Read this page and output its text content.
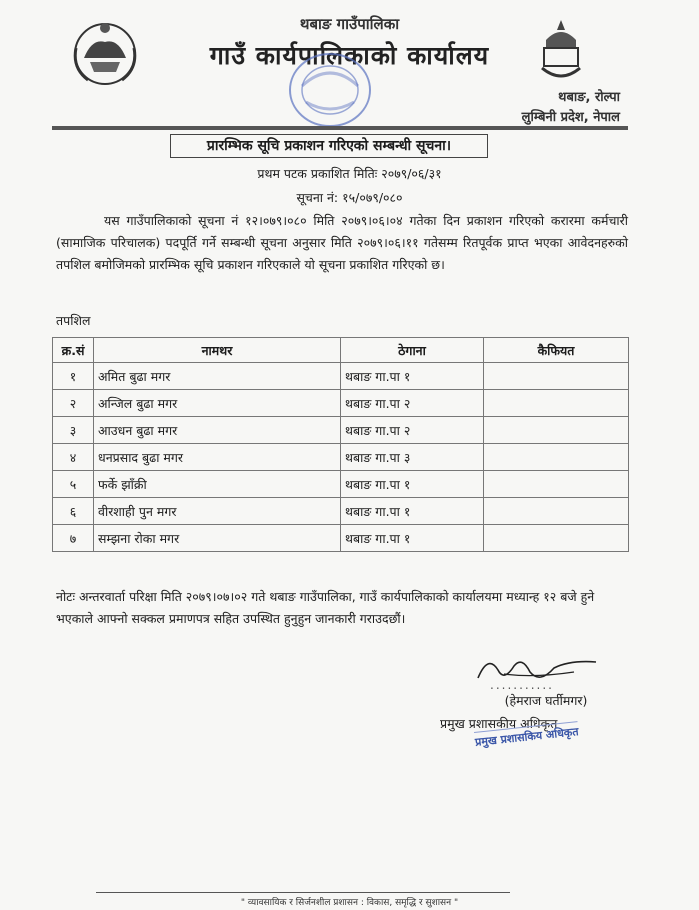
थबाङ गाउँपालिका
गाउँ कार्यपालिकाको कार्यालय
थबाङ, रोल्पा
लुम्बिनी प्रदेश, नेपाल
प्रारम्भिक सूचि प्रकाशन गरिएको सम्बन्धी सूचना।
प्रथम पटक प्रकाशित मितिः २०७९/०६/३१
सूचना नं: १५/०७९/०८०
यस गाउँपालिकाको सूचना नं १२।०७९।०८० मिति २०७९।०६।०४ गतेका दिन प्रकाशन गरिएको करारमा कर्मचारी (सामाजिक परिचालक) पदपूर्ति गर्ने सम्बन्धी सूचना अनुसार मिति २०७९।०६।११ गतेसम्म रितपूर्वक प्राप्त भएका आवेदनहरुको तपशिल बमोजिमको प्रारम्भिक सूचि प्रकाशन गरिएकाले यो सूचना प्रकाशित गरिएको छ।
तपशिल
क्र.सं	नामथर	ठेगाना	कैफियत
१	अमित बुढा मगर	थबाङ गा.पा १	
२	अन्जिल बुढा मगर	थबाङ गा.पा २	
३	आउधन बुढा मगर	थबाङ गा.पा २	
४	धनप्रसाद बुढा मगर	थबाङ गा.पा ३	
५	फर्के झाँक्री	थबाङ गा.पा १	
६	वीरशाही पुन मगर	थबाङ गा.पा १	
७	सम्झना रोका मगर	थबाङ गा.पा १	
नोटः अन्तरवार्ता परिक्षा मिति २०७९।०७।०२ गते थबाङ गाउँपालिका, गाउँ कार्यपालिकाको कार्यालयमा मध्यान्ह १२ बजे हुने भएकाले आफ्नो सक्कल प्रमाणपत्र सहित उपस्थित हुनुहुन जानकारी गराउदछौं।
...........
(हेमराज घर्तीमगर)
प्रमुख प्रशासकीय अधिकृत
प्रमुख प्रशासकिय अधिकृत
" व्यावसायिक र सिर्जनशील प्रशासन : विकास, समृद्धि र सुशासन "
